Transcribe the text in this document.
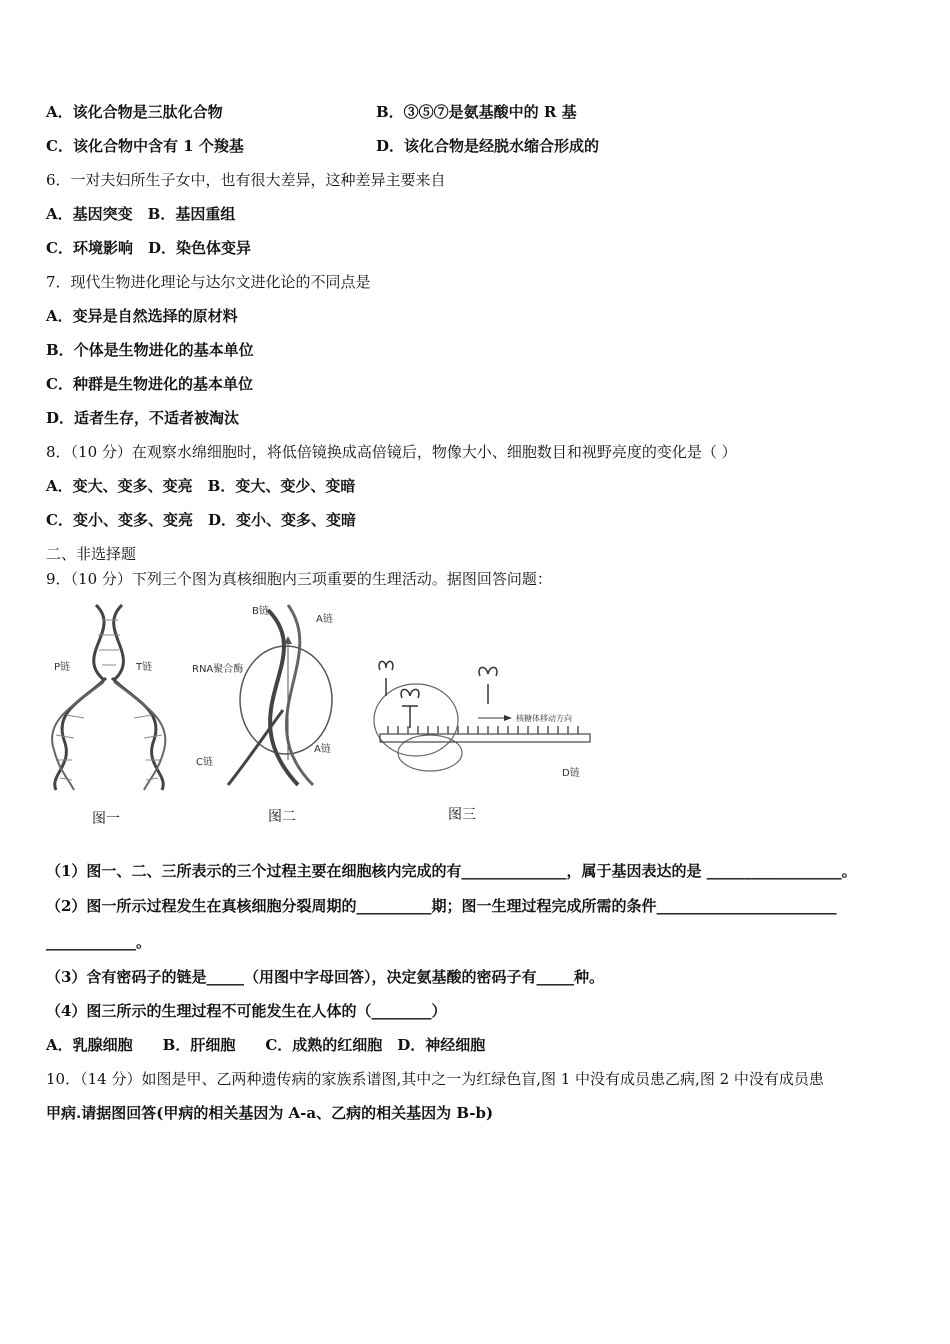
A．该化合物是三肽化合物	B．③⑤⑦是氨基酸中的 R 基
C．该化合物中含有 1 个羧基	D．该化合物是经脱水缩合形成的
6．一对夫妇所生子女中，也有很大差异，这种差异主要来自
A．基因突变　B．基因重组
C．环境影响　D．染色体变异
7．现代生物进化理论与达尔文进化论的不同点是
A．变异是自然选择的原材料
B．个体是生物进化的基本单位
C．种群是生物进化的基本单位
D．适者生存，不适者被淘汰
8．（10 分）在观察水绵细胞时，将低倍镜换成高倍镜后，物像大小、细胞数目和视野亮度的变化是（ ）
A．变大、变多、变亮　B．变大、变少、变暗
C．变小、变多、变亮　D．变小、变多、变暗
二、非选择题
9．（10 分）下列三个图为真核细胞内三项重要的生理活动。据图回答问题：
P链	T链
图一
B链
A链
RNA聚合酶
C链
A链
图二
核糖体移动方向
D链
图三
（1）图一、二、三所表示的三个过程主要在细胞核内完成的有______________，属于基因表达的是 __________________。
（2）图一所示过程发生在真核细胞分裂周期的__________期；图一生理过程完成所需的条件________________________
____________。
（3）含有密码子的链是_____（用图中字母回答），决定氨基酸的密码子有_____种。
（4）图三所示的生理过程不可能发生在人体的（________）
A．乳腺细胞　　B．肝细胞　　C．成熟的红细胞　D．神经细胞
10．（14 分）如图是甲、乙两种遗传病的家族系谱图,其中之一为红绿色盲,图 1 中没有成员患乙病,图 2 中没有成员患
甲病.请据图回答(甲病的相关基因为 A-a、乙病的相关基因为 B-b)
